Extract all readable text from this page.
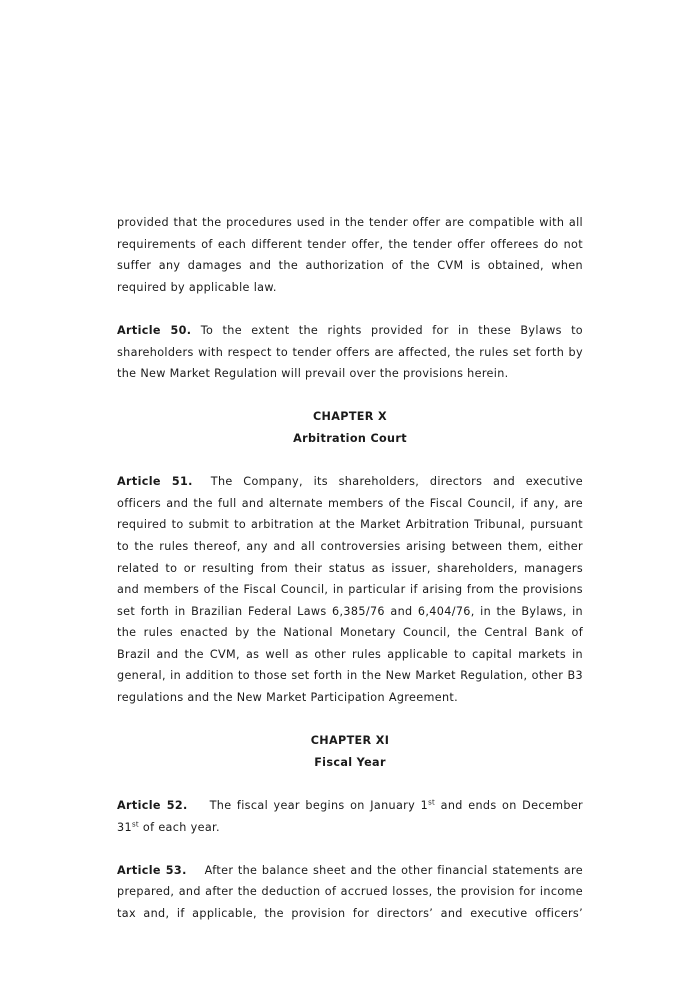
provided that the procedures used in the tender offer are compatible with all requirements of each different tender offer, the tender offer offerees do not suffer any damages and the authorization of the CVM is obtained, when required by applicable law.

Article 50. To the extent the rights provided for in these Bylaws to shareholders with respect to tender offers are affected, the rules set forth by the New Market Regulation will prevail over the provisions herein.

CHAPTER X

Arbitration Court

Article 51. The Company, its shareholders, directors and executive officers and the full and alternate members of the Fiscal Council, if any, are required to submit to arbitration at the Market Arbitration Tribunal, pursuant to the rules thereof, any and all controversies arising between them, either related to or resulting from their status as issuer, shareholders, managers and members of the Fiscal Council, in particular if arising from the provisions set forth in Brazilian Federal Laws 6,385/76 and 6,404/76, in the Bylaws, in the rules enacted by the National Monetary Council, the Central Bank of Brazil and the CVM, as well as other rules applicable to capital markets in general, in addition to those set forth in the New Market Regulation, other B3 regulations and the New Market Participation Agreement.

CHAPTER XI

Fiscal Year

Article 52. The fiscal year begins on January 1st and ends on December 31st of each year.

Article 53. After the balance sheet and the other financial statements are prepared, and after the deduction of accrued losses, the provision for income tax and, if applicable, the provision for directors’ and executive officers’
